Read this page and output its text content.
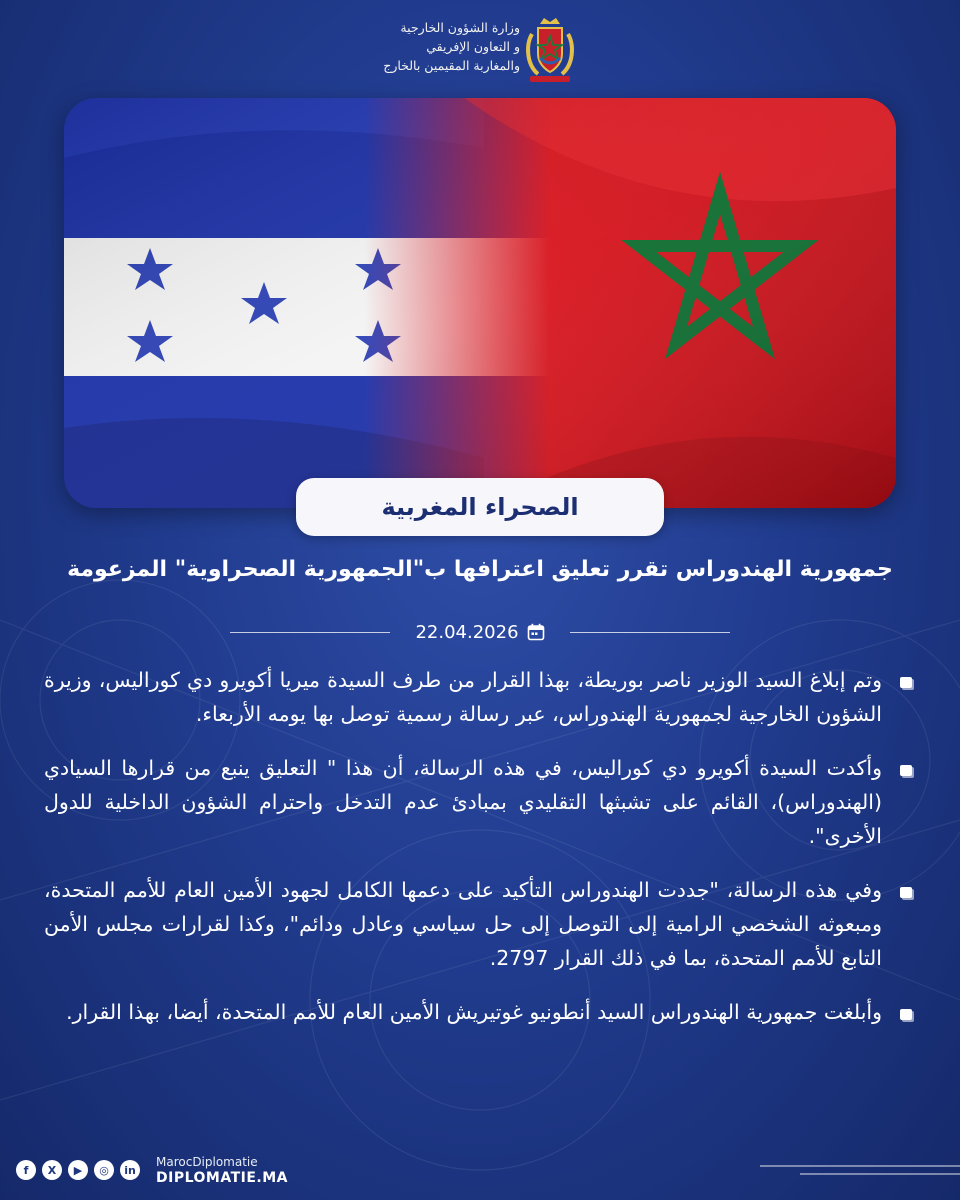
وزارة الشؤون الخارجية
و التعاون الإفريقي
والمغاربة المقيمين بالخارج
الصحراء المغربية
جمهورية الهندوراس تقرر تعليق اعترافها ب"الجمهورية الصحراوية" المزعومة
22.04.2026
وتم إبلاغ السيد الوزير ناصر بوريطة، بهذا القرار من طرف السيدة ميريا أكويرو دي كوراليس، وزيرة الشؤون الخارجية لجمهورية الهندوراس، عبر رسالة رسمية توصل بها يومه الأربعاء.
وأكدت السيدة أكويرو دي كوراليس، في هذه الرسالة، أن هذا " التعليق ينبع من قرارها السيادي (الهندوراس)، القائم على تشبثها التقليدي بمبادئ عدم التدخل واحترام الشؤون الداخلية للدول الأخرى".
وفي هذه الرسالة، "جددت الهندوراس التأكيد على دعمها الكامل لجهود الأمين العام للأمم المتحدة، ومبعوثه الشخصي الرامية إلى التوصل إلى حل سياسي وعادل ودائم"، وكذا لقرارات مجلس الأمن التابع للأمم المتحدة، بما في ذلك القرار 2797.
وأبلغت جمهورية الهندوراس السيد أنطونيو غوتيريش الأمين العام للأمم المتحدة، أيضا، بهذا القرار.
f	X	▶	◎	in
MarocDiplomatie
DIPLOMATIE.MA
